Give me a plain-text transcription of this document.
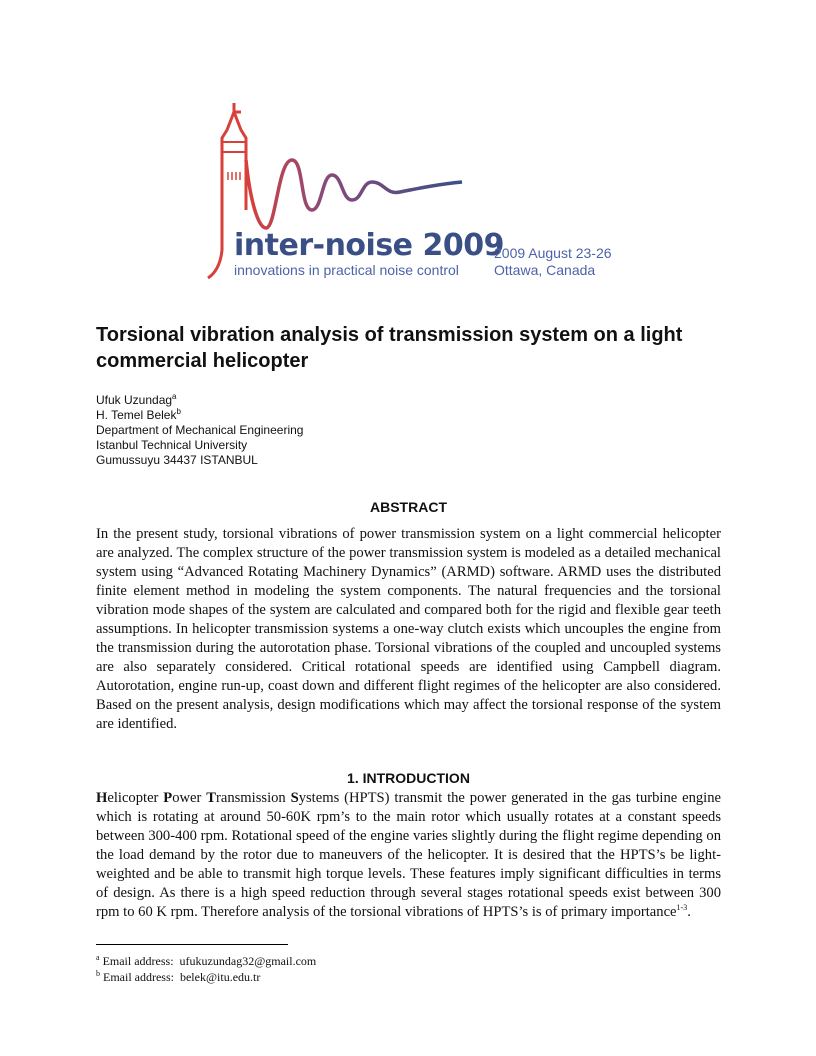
inter-noise 2009
innovations in practical noise control
2009 August 23-26
Ottawa, Canada
Torsional vibration analysis of transmission system on a light commercial helicopter
Ufuk Uzundag$^a$
H. Temel Belek$^b$
Department of Mechanical Engineering
Istanbul Technical University
Gumussuyu 34437 ISTANBUL
ABSTRACT
In the present study, torsional vibrations of power transmission system on a light commercial helicopter are analyzed. The complex structure of the power transmission system is modeled as a detailed mechanical system using “Advanced Rotating Machinery Dynamics” (ARMD) software. ARMD uses the distributed finite element method in modeling the system components. The natural frequencies and the torsional vibration mode shapes of the system are calculated and compared both for the rigid and flexible gear teeth assumptions. In helicopter transmission systems a one-way clutch exists which uncouples the engine from the transmission during the autorotation phase. Torsional vibrations of the coupled and uncoupled systems are also separately considered. Critical rotational speeds are identified using Campbell diagram. Autorotation, engine run-up, coast down and different flight regimes of the helicopter are also considered. Based on the present analysis, design modifications which may affect the torsional response of the system are identified.
1. INTRODUCTION
Helicopter Power Transmission Systems (HPTS) transmit the power generated in the gas turbine engine which is rotating at around 50-60K rpm’s to the main rotor which usually rotates at a constant speeds between 300-400 rpm. Rotational speed of the engine varies slightly during the flight regime depending on the load demand by the rotor due to maneuvers of the helicopter. It is desired that the HPTS’s be light-weighted and be able to transmit high torque levels. These features imply significant difficulties in terms of design. As there is a high speed reduction through several stages rotational speeds exist between 300 rpm to 60 K rpm. Therefore analysis of the torsional vibrations of HPTS’s is of primary importance$^{1-3}$.
$^a$ Email address: ufukuzundag32@gmail.com
$^b$ Email address: belek@itu.edu.tr
